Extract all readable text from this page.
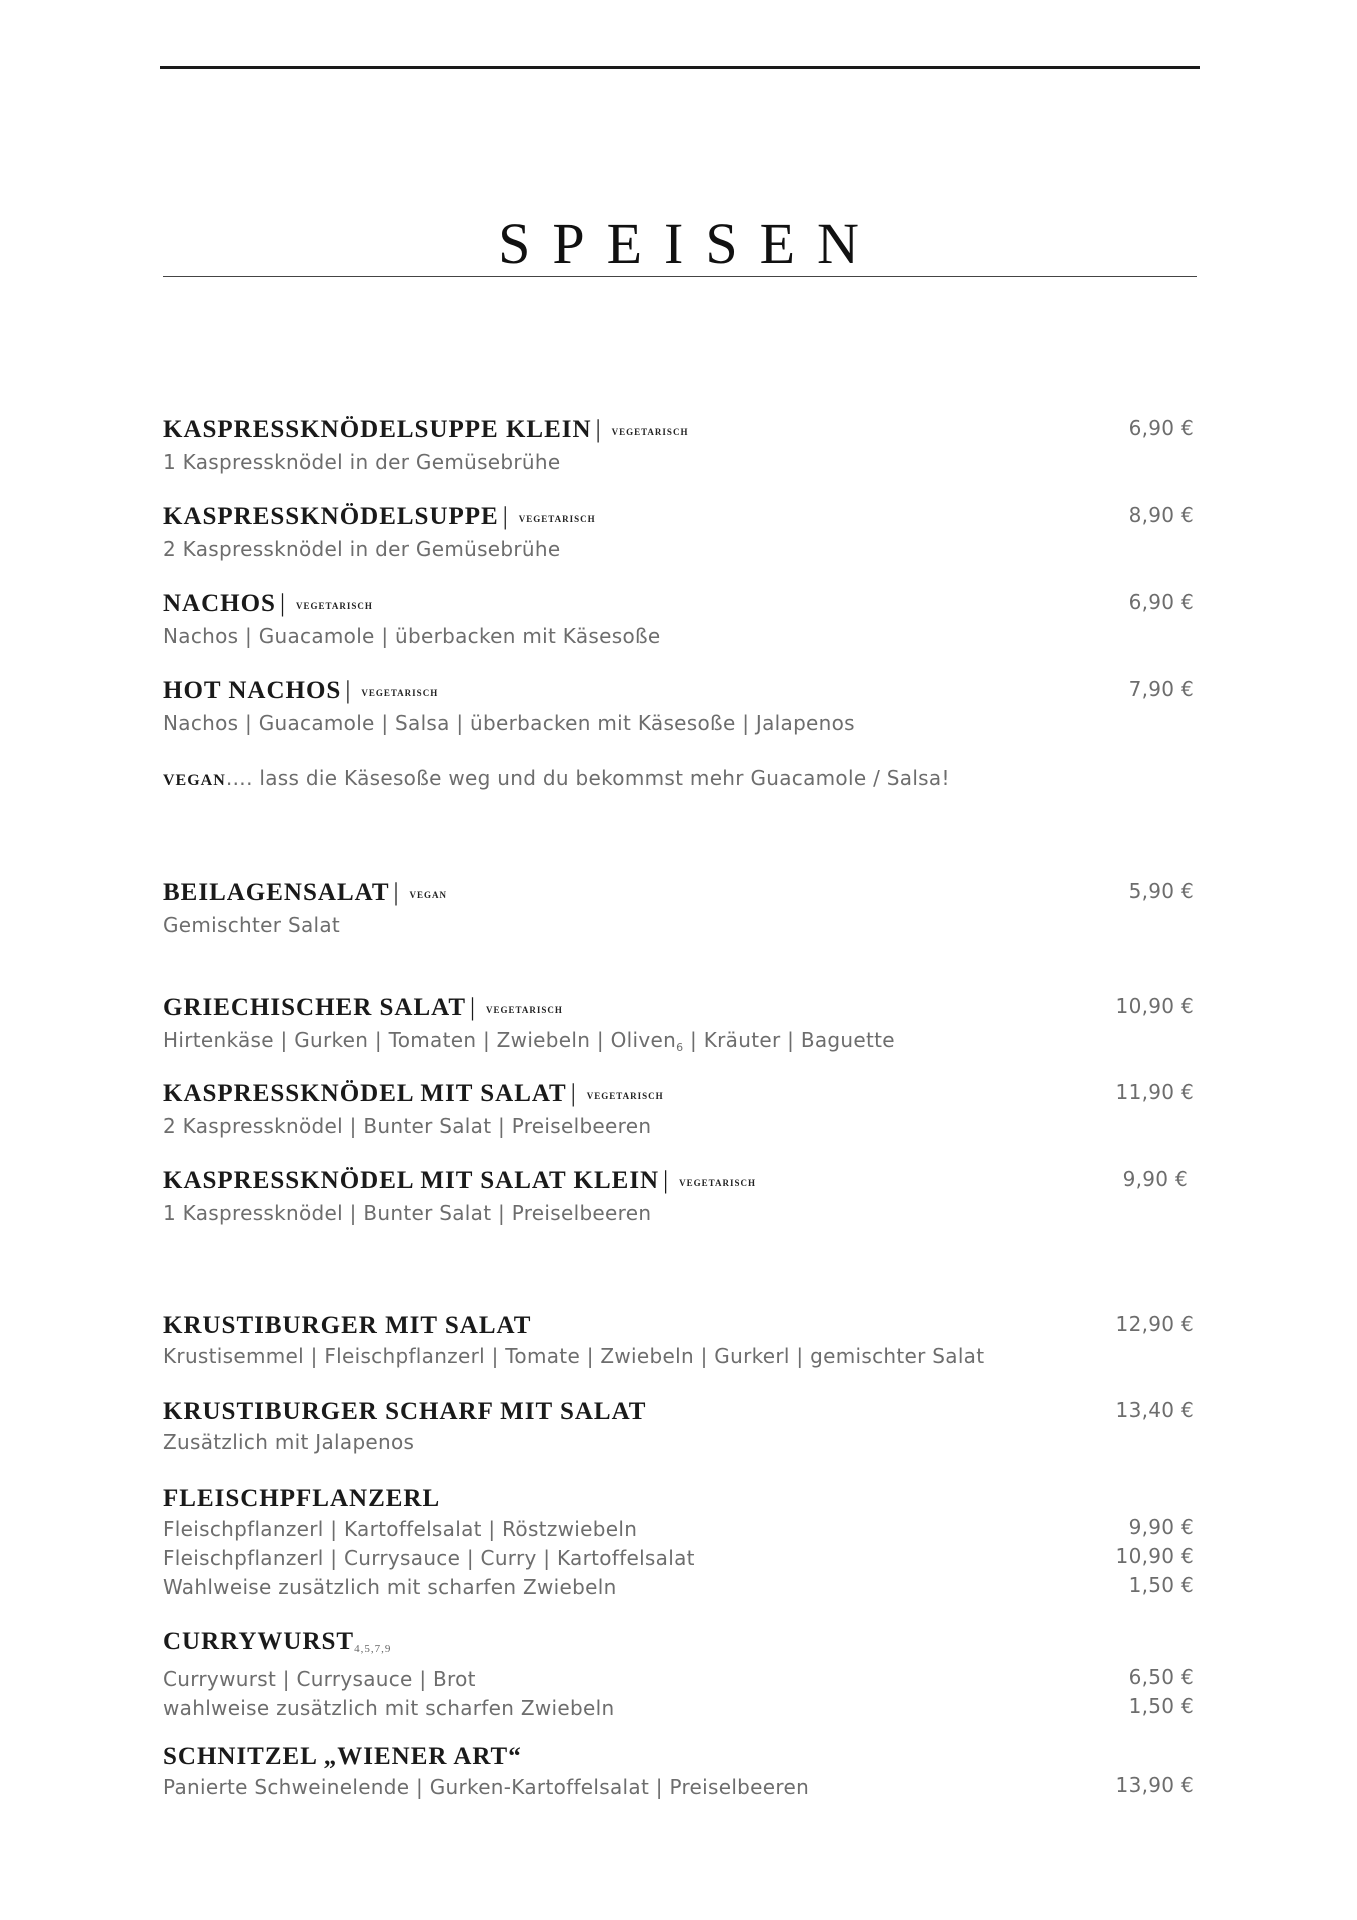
SPEISEN
KASPRESSKNÖDELSUPPE KLEIN | VEGETARISCH
1 Kaspressknödel in der Gemüsebrühe
6,90 €
KASPRESSKNÖDELSUPPE | VEGETARISCH
2 Kaspressknödel in der Gemüsebrühe
8,90 €
NACHOS | VEGETARISCH
Nachos | Guacamole | überbacken mit Käsesoße
6,90 €
HOT NACHOS | VEGETARISCH
Nachos | Guacamole | Salsa | überbacken mit Käsesoße | Jalapenos
7,90 €
VEGAN…. lass die Käsesoße weg und du bekommst mehr Guacamole / Salsa!
BEILAGENSALAT | VEGAN
Gemischter Salat
5,90 €
GRIECHISCHER SALAT | VEGETARISCH
Hirtenkäse | Gurken | Tomaten | Zwiebeln | Oliven$_6$ | Kräuter | Baguette
10,90 €
KASPRESSKNÖDEL MIT SALAT | VEGETARISCH
2 Kaspressknödel | Bunter Salat | Preiselbeeren
11,90 €
KASPRESSKNÖDEL MIT SALAT KLEIN | VEGETARISCH
1 Kaspressknödel | Bunter Salat | Preiselbeeren
9,90 €
KRUSTIBURGER MIT SALAT
Krustisemmel | Fleischpflanzerl | Tomate | Zwiebeln | Gurkerl | gemischter Salat
12,90 €
KRUSTIBURGER SCHARF MIT SALAT
Zusätzlich mit Jalapenos
13,40 €
FLEISCHPFLANZERL
Fleischpflanzerl | Kartoffelsalat | Röstzwiebeln	9,90 €
Fleischpflanzerl | Currysauce | Curry | Kartoffelsalat	10,90 €
Wahlweise zusätzlich mit scharfen Zwiebeln	1,50 €
CURRYWURST4,5,7,9
Currywurst | Currysauce | Brot	6,50 €
wahlweise zusätzlich mit scharfen Zwiebeln	1,50 €
SCHNITZEL „WIENER ART“
Panierte Schweinelende | Gurken-Kartoffelsalat | Preiselbeeren	13,90 €
